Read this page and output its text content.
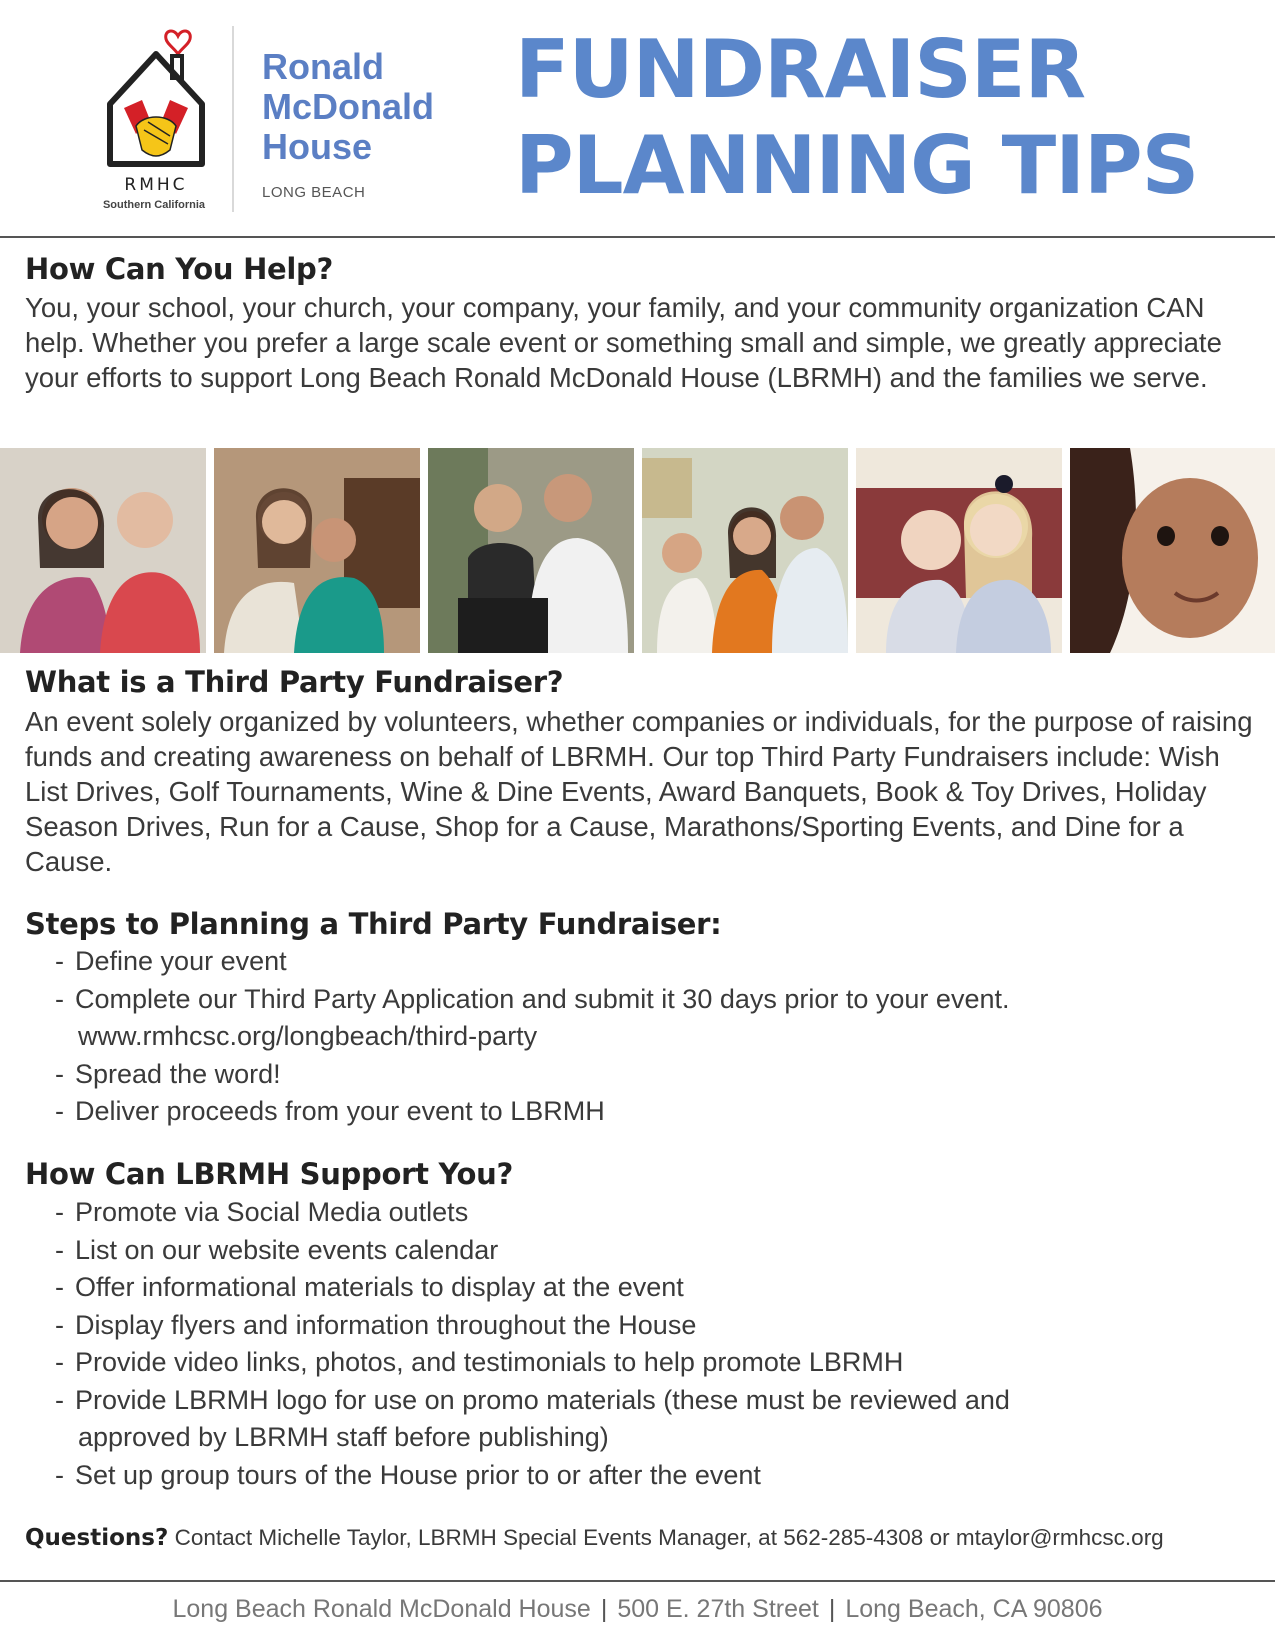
RMHC
Southern California
Ronald
McDonald
House
LONG BEACH
FUNDRAISER
PLANNING TIPS
How Can You Help?
You, your school, your church, your company, your family, and your community organization CAN help. Whether you prefer a large scale event or something small and simple, we greatly appreciate your efforts to support Long Beach Ronald McDonald House (LBRMH) and the families we serve.
What is a Third Party Fundraiser?
An event solely organized by volunteers, whether companies or individuals, for the purpose of raising funds and creating awareness on behalf of LBRMH. Our top Third Party Fundraisers include: Wish List Drives, Golf Tournaments, Wine & Dine Events, Award Banquets, Book & Toy Drives, Holiday Season Drives, Run for a Cause, Shop for a Cause, Marathons/Sporting Events, and Dine for a Cause.
Steps to Planning a Third Party Fundraiser:
- Define your event
- Complete our Third Party Application and submit it 30 days prior to your event.
www.rmhcsc.org/longbeach/third-party
- Spread the word!
- Deliver proceeds from your event to LBRMH
How Can LBRMH Support You?
- Promote via Social Media outlets
- List on our website events calendar
- Offer informational materials to display at the event
- Display flyers and information throughout the House
- Provide video links, photos, and testimonials to help promote LBRMH
- Provide LBRMH logo for use on promo materials (these must be reviewed and
approved by LBRMH staff before publishing)
- Set up group tours of the House prior to or after the event
Questions? Contact Michelle Taylor, LBRMH Special Events Manager, at 562-285-4308 or mtaylor@rmhcsc.org
Long Beach Ronald McDonald House | 500 E. 27th Street | Long Beach, CA 90806
